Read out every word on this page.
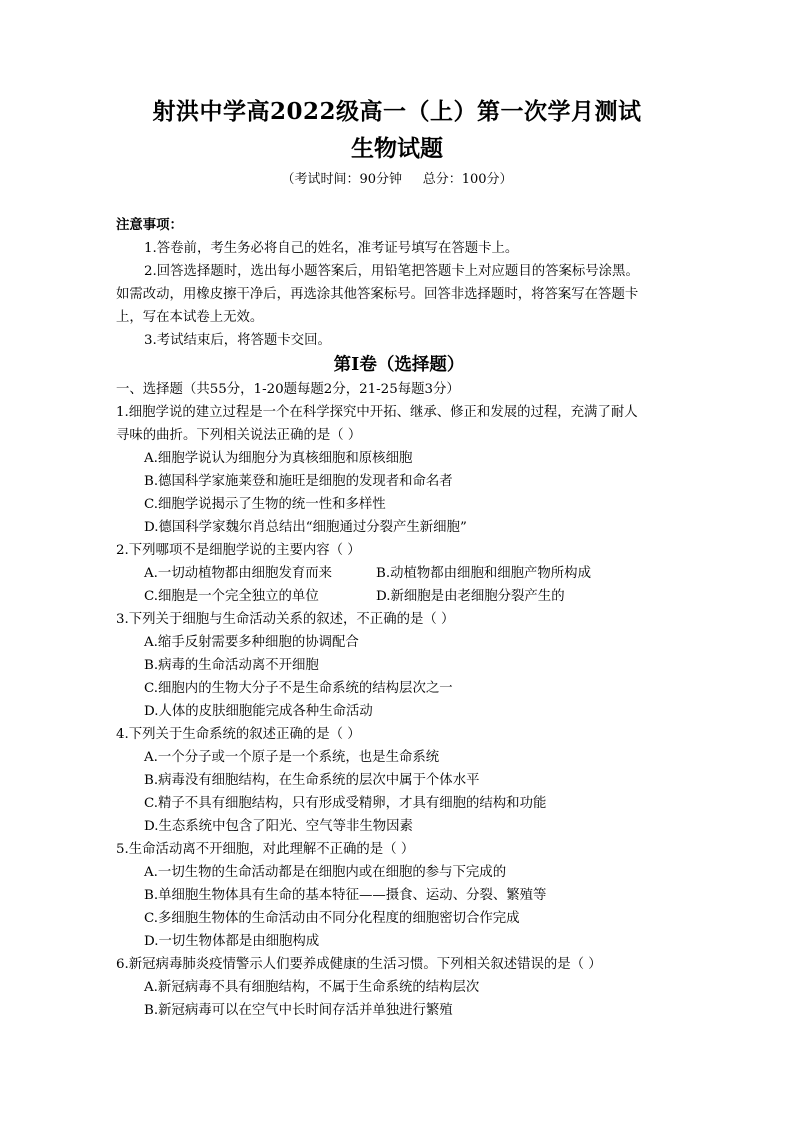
射洪中学高2022级高一（上）第一次学月测试
生物试题
（考试时间：90分钟     总分：100分）
注意事项：
1.答卷前，考生务必将自己的姓名，准考证号填写在答题卡上。
2.回答选择题时，选出每小题答案后，用铅笔把答题卡上对应题目的答案标号涂黑。
如需改动，用橡皮擦干净后，再选涂其他答案标号。回答非选择题时，将答案写在答题卡
上，写在本试卷上无效。
3.考试结束后，将答题卡交回。
第Ⅰ卷（选择题）
一、选择题（共55分，1-20题每题2分，21-25每题3分）
1.细胞学说的建立过程是一个在科学探究中开拓、继承、修正和发展的过程，充满了耐人
寻味的曲折。下列相关说法正确的是（ ）
A.细胞学说认为细胞分为真核细胞和原核细胞
B.德国科学家施莱登和施旺是细胞的发现者和命名者
C.细胞学说揭示了生物的统一性和多样性
D.德国科学家魏尔肖总结出“细胞通过分裂产生新细胞”
2.下列哪项不是细胞学说的主要内容（ ）
A.一切动植物都由细胞发育而来	B.动植物都由细胞和细胞产物所构成
C.细胞是一个完全独立的单位	D.新细胞是由老细胞分裂产生的
3.下列关于细胞与生命活动关系的叙述，不正确的是（ ）
A.缩手反射需要多种细胞的协调配合
B.病毒的生命活动离不开细胞
C.细胞内的生物大分子不是生命系统的结构层次之一
D.人体的皮肤细胞能完成各种生命活动
4.下列关于生命系统的叙述正确的是（ ）
A.一个分子或一个原子是一个系统，也是生命系统
B.病毒没有细胞结构，在生命系统的层次中属于个体水平
C.精子不具有细胞结构，只有形成受精卵，才具有细胞的结构和功能
D.生态系统中包含了阳光、空气等非生物因素
5.生命活动离不开细胞，对此理解不正确的是（ ）
A.一切生物的生命活动都是在细胞内或在细胞的参与下完成的
B.单细胞生物体具有生命的基本特征——摄食、运动、分裂、繁殖等
C.多细胞生物体的生命活动由不同分化程度的细胞密切合作完成
D.一切生物体都是由细胞构成
6.新冠病毒肺炎疫情警示人们要养成健康的生活习惯。下列相关叙述错误的是（ ）
A.新冠病毒不具有细胞结构，不属于生命系统的结构层次
B.新冠病毒可以在空气中长时间存活并单独进行繁殖
